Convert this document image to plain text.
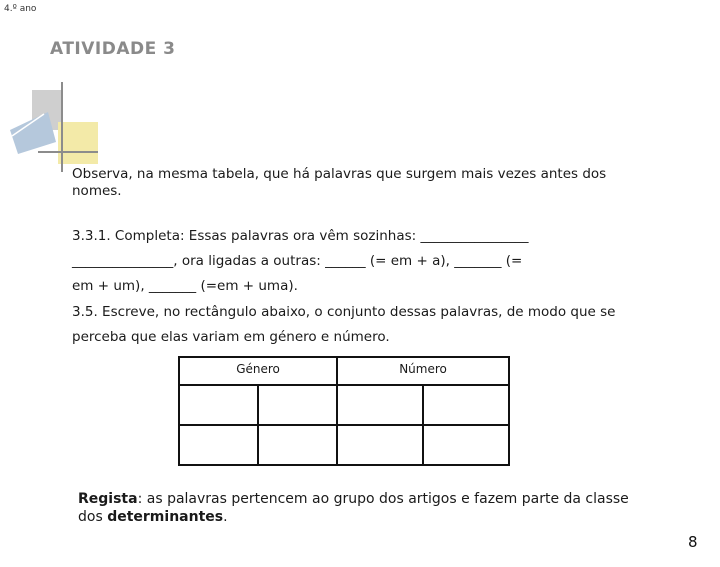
4.º ano
ATIVIDADE 3
Observa, na mesma tabela, que há palavras que surgem mais vezes antes dos nomes.
3.3.1. Completa: Essas palavras ora vêm sozinhas: ________________
_______________, ora ligadas a outras: ______ (= em + a), _______ (=
em + um), _______ (=em + uma).
3.5. Escreve, no rectângulo abaixo, o conjunto dessas palavras, de modo que se
perceba que elas variam em género e número.
Género		Número	

Regista: as palavras pertencem ao grupo dos artigos e fazem parte da classe dos determinantes.
8
